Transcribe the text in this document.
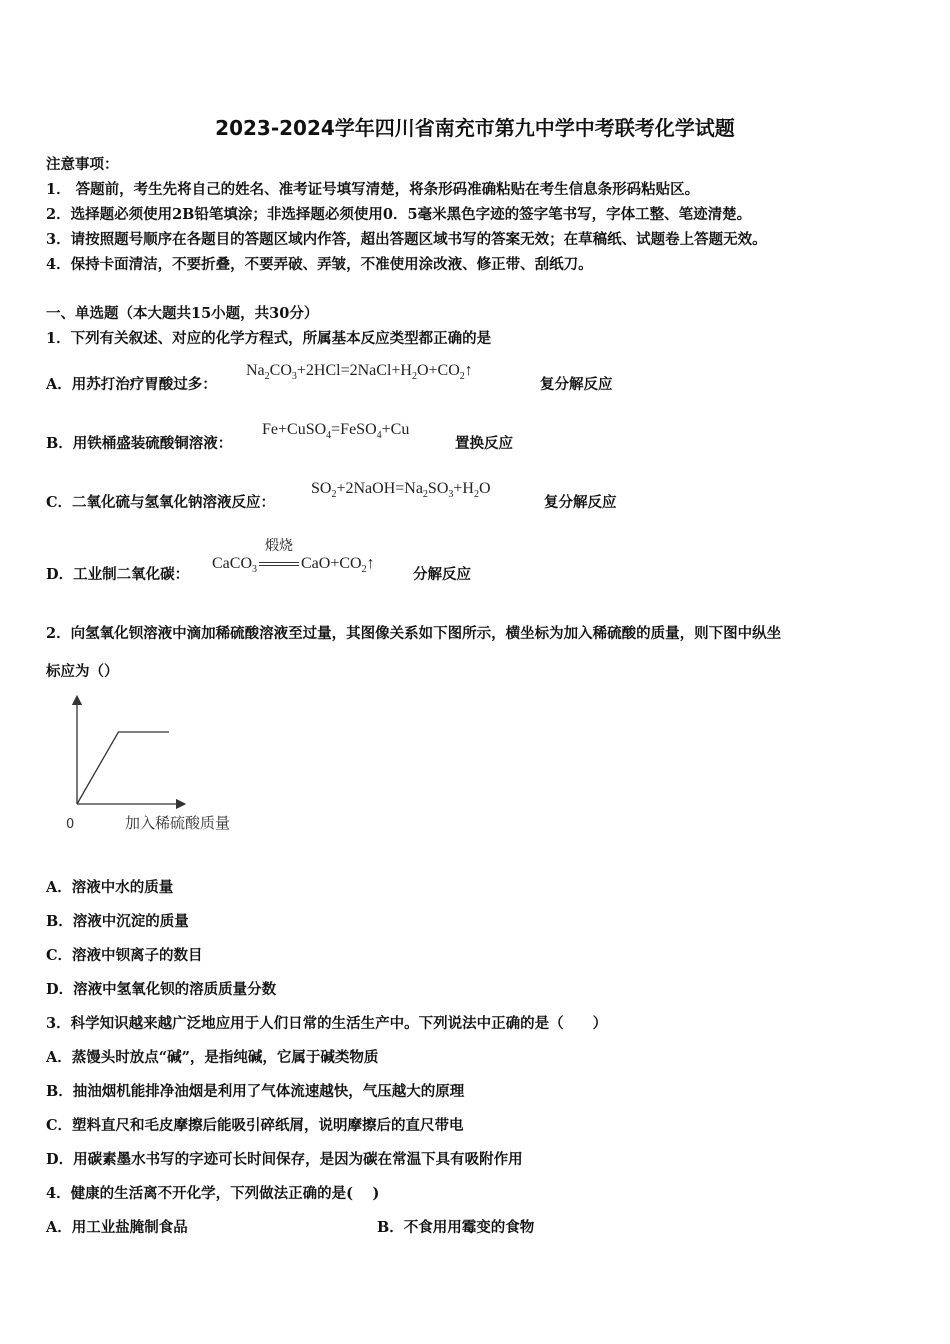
2023-2024学年四川省南充市第九中学中考联考化学试题
注意事项：
1． 答题前，考生先将自己的姓名、准考证号填写清楚，将条形码准确粘贴在考生信息条形码粘贴区。
2．选择题必须使用2B铅笔填涂；非选择题必须使用0．5毫米黑色字迹的签字笔书写，字体工整、笔迹清楚。
3．请按照题号顺序在各题目的答题区域内作答，超出答题区域书写的答案无效；在草稿纸、试题卷上答题无效。
4．保持卡面清洁，不要折叠，不要弄破、弄皱，不准使用涂改液、修正带、刮纸刀。
一、单选题（本大题共15小题，共30分）
1．下列有关叙述、对应的化学方程式，所属基本反应类型都正确的是
A．用苏打治疗胃酸过多：
$Na_2CO_3+2HCl=2NaCl+H_2O+CO_2↑$
复分解反应
B．用铁桶盛装硫酸铜溶液：
Fe+CuSO$_4$=FeSO$_4$+Cu
置换反应
C．二氧化硫与氢氧化钠溶液反应：
$SO_2+2NaOH=Na_2SO_3+H_2O$
复分解反应
D．工业制二氧化碳：
CaCO$_3$
煅烧
$CaO+CO_2↑$
分解反应
2．向氢氧化钡溶液中滴加稀硫酸溶液至过量，其图像关系如下图所示，横坐标为加入稀硫酸的质量，则下图中纵坐
标应为（）
0	加入稀硫酸质量
A．溶液中水的质量
B．溶液中沉淀的质量
C．溶液中钡离子的数目
D．溶液中氢氧化钡的溶质质量分数
3．科学知识越来越广泛地应用于人们日常的生活生产中。下列说法中正确的是（　　）
A．蒸馒头时放点“碱”，是指纯碱，它属于碱类物质
B．抽油烟机能排净油烟是利用了气体流速越快，气压越大的原理
C．塑料直尺和毛皮摩擦后能吸引碎纸屑，说明摩擦后的直尺带电
D．用碳素墨水书写的字迹可长时间保存，是因为碳在常温下具有吸附作用
4．健康的生活离不开化学，下列做法正确的是(　 )
A．用工业盐腌制食品	B．不食用用霉变的食物
